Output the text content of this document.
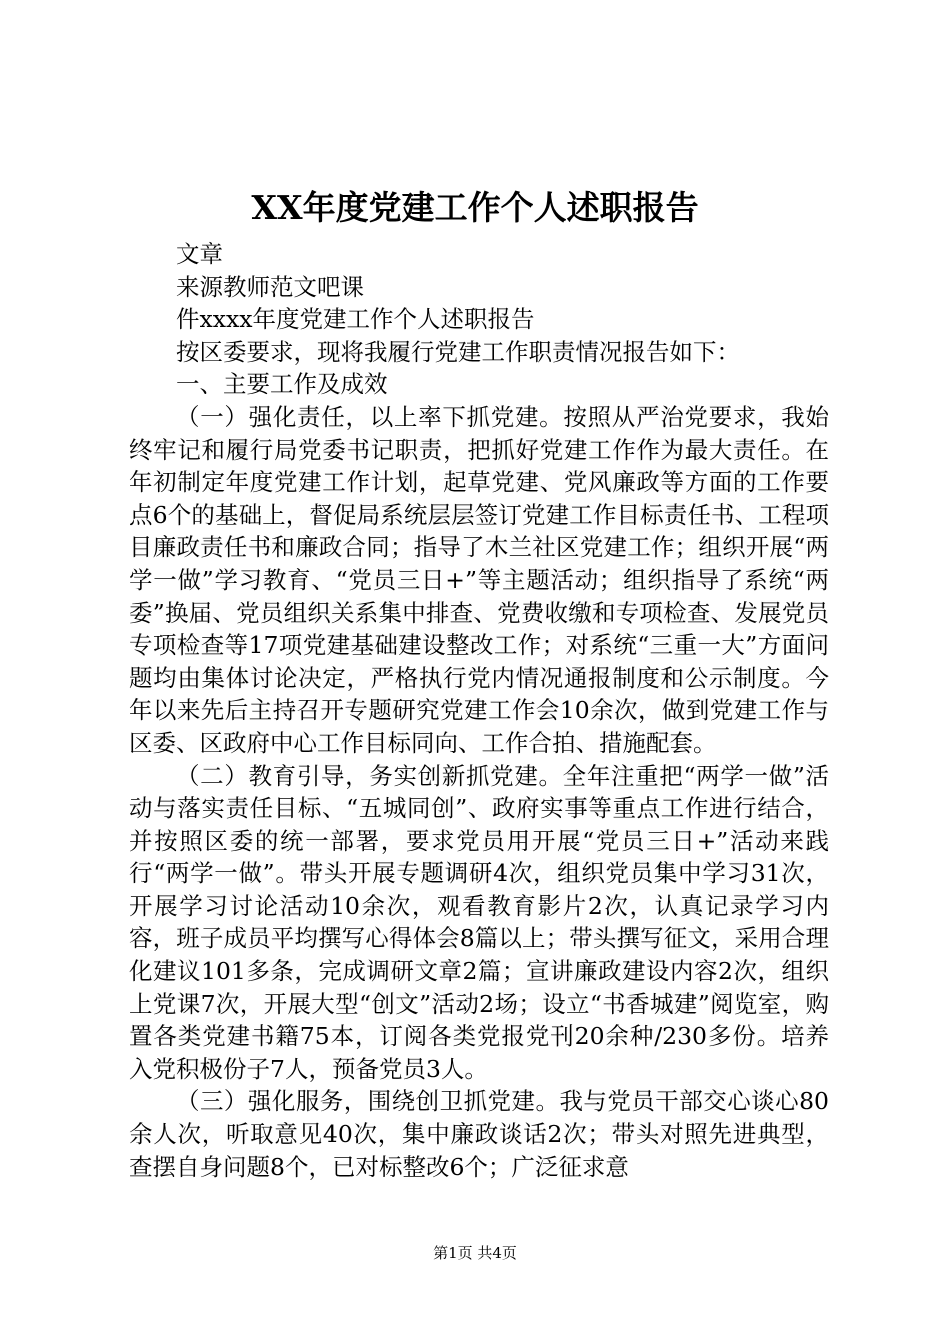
XX年度党建工作个人述职报告

文章

来源教师范文吧课

件xxxx年度党建工作个人述职报告

按区委要求，现将我履行党建工作职责情况报告如下：

一、主要工作及成效

（一）强化责任，以上率下抓党建。按照从严治党要求，我始终牢记和履行局党委书记职责，把抓好党建工作作为最大责任。在年初制定年度党建工作计划，起草党建、党风廉政等方面的工作要点6个的基础上，督促局系统层层签订党建工作目标责任书、工程项目廉政责任书和廉政合同；指导了木兰社区党建工作；组织开展“两学一做”学习教育、“党员三日+”等主题活动；组织指导了系统“两委”换届、党员组织关系集中排查、党费收缴和专项检查、发展党员专项检查等17项党建基础建设整改工作；对系统“三重一大”方面问题均由集体讨论决定，严格执行党内情况通报制度和公示制度。今年以来先后主持召开专题研究党建工作会10余次，做到党建工作与区委、区政府中心工作目标同向、工作合拍、措施配套。

（二）教育引导，务实创新抓党建。全年注重把“两学一做”活动与落实责任目标、“五城同创”、政府实事等重点工作进行结合，并按照区委的统一部署，要求党员用开展“党员三日+”活动来践行“两学一做”。带头开展专题调研4次，组织党员集中学习31次，开展学习讨论活动10余次，观看教育影片2次，认真记录学习内容，班子成员平均撰写心得体会8篇以上；带头撰写征文，采用合理化建议101多条，完成调研文章2篇；宣讲廉政建设内容2次，组织上党课7次，开展大型“创文”活动2场；设立“书香城建”阅览室，购置各类党建书籍75本，订阅各类党报党刊20余种/230多份。培养入党积极份子7人，预备党员3人。

（三）强化服务，围绕创卫抓党建。我与党员干部交心谈心80余人次，听取意见40次，集中廉政谈话2次；带头对照先进典型，查摆自身问题8个，已对标整改6个；广泛征求意

第1页 共4页
